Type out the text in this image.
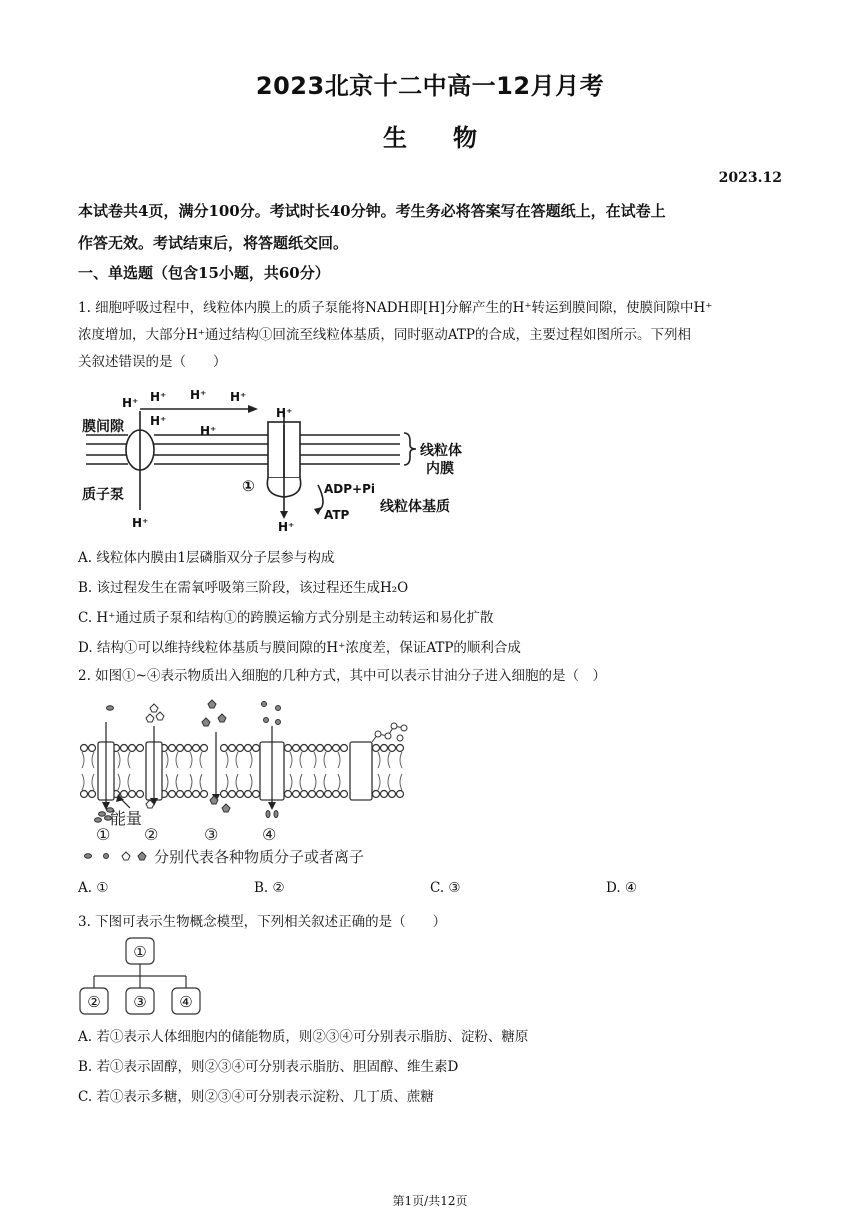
2023北京十二中高一12月月考
生物
2023.12
本试卷共4页，满分100分。考试时长40分钟。考生务必将答案写在答题纸上，在试卷上
作答无效。考试结束后，将答题纸交回。
一、单选题（包含15小题，共60分）
1. 细胞呼吸过程中，线粒体内膜上的质子泵能将NADH即[H]分解产生的H⁺转运到膜间隙，使膜间隙中H⁺
浓度增加，大部分H⁺通过结构①回流至线粒体基质，同时驱动ATP的合成，主要过程如图所示。下列相
关叙述错误的是（　　）
H⁺ H⁺ H⁺ H⁺
H⁺
H⁺
H⁺
H⁺	H⁺
膜间隙
质子泵
线粒体
内膜
①	ADP+Pi
ATP 线粒体基质
A. 线粒体内膜由1层磷脂双分子层参与构成
B. 该过程发生在需氧呼吸第三阶段，该过程还生成H₂O
C. H⁺通过质子泵和结构①的跨膜运输方式分别是主动转运和易化扩散
D. 结构①可以维持线粒体基质与膜间隙的H⁺浓度差，保证ATP的顺利合成
2. 如图①~④表示物质出入细胞的几种方式，其中可以表示甘油分子进入细胞的是（　）
能量
① ②	③	④
分别代表各种物质分子或者离子
A. ①	B. ②	C. ③	D. ④
3. 下图可表示生物概念模型，下列相关叙述正确的是（　　）
①
② ③ ④
A. 若①表示人体细胞内的储能物质，则②③④可分别表示脂肪、淀粉、糖原
B. 若①表示固醇，则②③④可分别表示脂肪、胆固醇、维生素D
C. 若①表示多糖，则②③④可分别表示淀粉、几丁质、蔗糖
第1页/共12页
